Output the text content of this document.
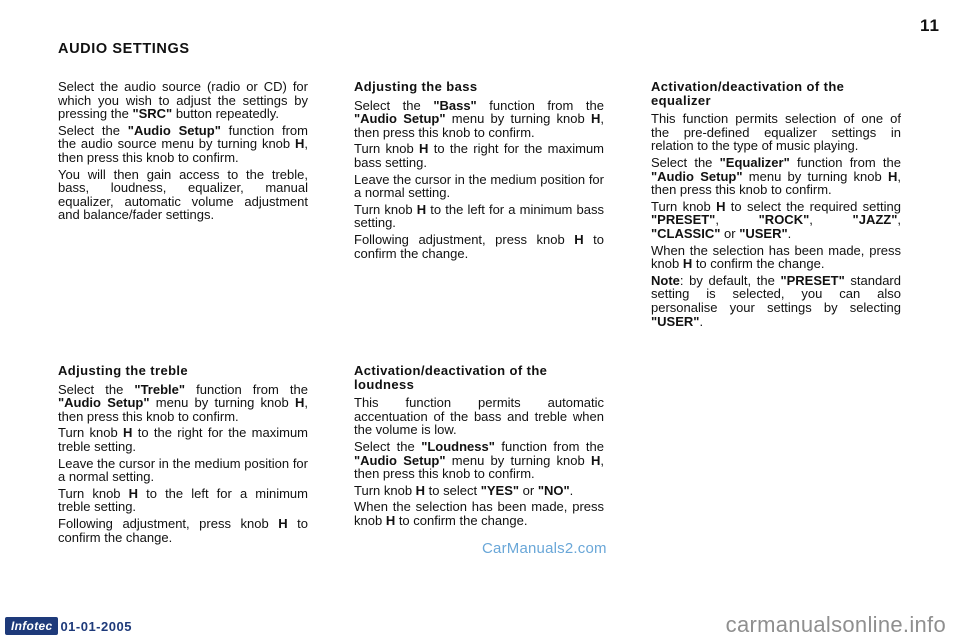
11
AUDIO SETTINGS

Select the audio source (radio or CD) for which you wish to adjust the settings by pressing the "SRC" button repeatedly.

Select the "Audio Setup" function from the audio source menu by turning knob H, then press this knob to confirm.

You will then gain access to the treble, bass, loudness, equalizer, manual equalizer, automatic volume adjustment and balance/fader settings.

Adjusting the bass

Select the "Bass" function from the "Audio Setup" menu by turning knob H, then press this knob to confirm.

Turn knob H to the right for the maximum bass setting.

Leave the cursor in the medium position for a normal setting.

Turn knob H to the left for a minimum bass setting.

Following adjustment, press knob H to confirm the change.

Activation/deactivation of the equalizer

This function permits selection of one of the pre-defined equalizer settings in relation to the type of music playing.

Select the "Equalizer" function from the "Audio Setup" menu by turning knob H, then press this knob to confirm.

Turn knob H to select the required setting "PRESET", "ROCK", "JAZZ", "CLASSIC" or "USER".

When the selection has been made, press knob H to confirm the change.

Note: by default, the "PRESET" standard setting is selected, you can also personalise your settings by selecting "USER".

Adjusting the treble

Select the "Treble" function from the "Audio Setup" menu by turning knob H, then press this knob to confirm.

Turn knob H to the right for the maximum treble setting.

Leave the cursor in the medium position for a normal setting.

Turn knob H to the left for a minimum treble setting.

Following adjustment, press knob H to confirm the change.

Activation/deactivation of the loudness

This function permits automatic accentuation of the bass and treble when the volume is low.

Select the "Loudness" function from the "Audio Setup" menu by turning knob H, then press this knob to confirm.

Turn knob H to select "YES" or "NO".

When the selection has been made, press knob H to confirm the change.

CarManuals2.com
Infotec 01-01-2005	carmanualsonline.info
